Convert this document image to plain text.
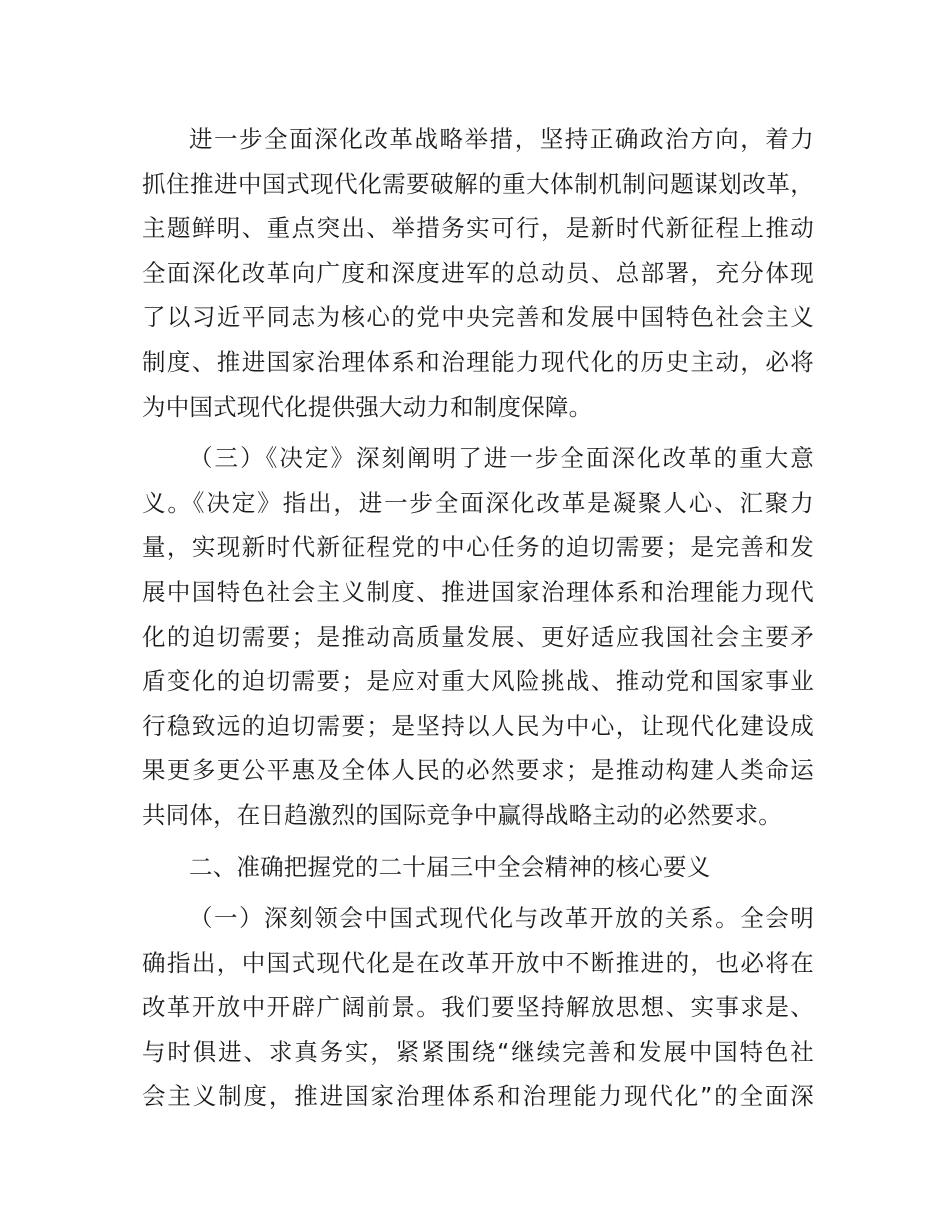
进一步全面深化改革战略举措，坚持正确政治方向，着力
抓住推进中国式现代化需要破解的重大体制机制问题谋划改革，
主题鲜明、重点突出、举措务实可行，是新时代新征程上推动
全面深化改革向广度和深度进军的总动员、总部署，充分体现
了以习近平同志为核心的党中央完善和发展中国特色社会主义
制度、推进国家治理体系和治理能力现代化的历史主动，必将
为中国式现代化提供强大动力和制度保障。
（三）《决定》深刻阐明了进一步全面深化改革的重大意
义。《决定》指出，进一步全面深化改革是凝聚人心、汇聚力
量，实现新时代新征程党的中心任务的迫切需要；是完善和发
展中国特色社会主义制度、推进国家治理体系和治理能力现代
化的迫切需要；是推动高质量发展、更好适应我国社会主要矛
盾变化的迫切需要；是应对重大风险挑战、推动党和国家事业
行稳致远的迫切需要；是坚持以人民为中心，让现代化建设成
果更多更公平惠及全体人民的必然要求；是推动构建人类命运
共同体，在日趋激烈的国际竞争中赢得战略主动的必然要求。
二、准确把握党的二十届三中全会精神的核心要义
（一）深刻领会中国式现代化与改革开放的关系。全会明
确指出，中国式现代化是在改革开放中不断推进的，也必将在
改革开放中开辟广阔前景。我们要坚持解放思想、实事求是、
与时俱进、求真务实，紧紧围绕“继续完善和发展中国特色社
会主义制度，推进国家治理体系和治理能力现代化”的全面深
